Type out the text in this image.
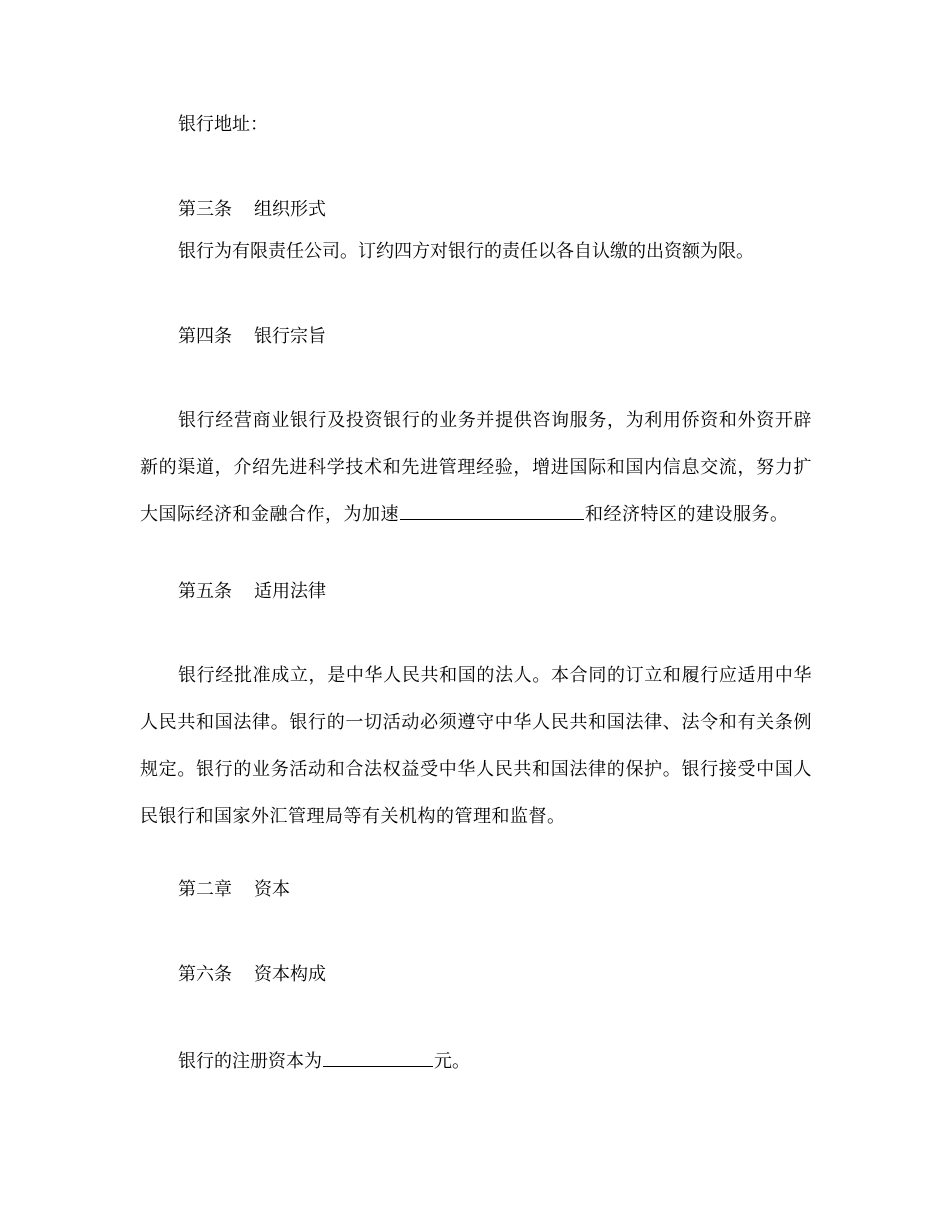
银行地址：
第三条 组织形式
银行为有限责任公司。订约四方对银行的责任以各自认缴的出资额为限。
第四条 银行宗旨
银行经营商业银行及投资银行的业务并提供咨询服务，为利用侨资和外资开辟新的渠道，介绍先进科学技术和先进管理经验，增进国际和国内信息交流，努力扩大国际经济和金融合作，为加速	和经济特区的建设服务。
第五条 适用法律
银行经批准成立，是中华人民共和国的法人。本合同的订立和履行应适用中华人民共和国法律。银行的一切活动必须遵守中华人民共和国法律、法令和有关条例规定。银行的业务活动和合法权益受中华人民共和国法律的保护。银行接受中国人民银行和国家外汇管理局等有关机构的管理和监督。
第二章 资本
第六条 资本构成
银行的注册资本为	元。
